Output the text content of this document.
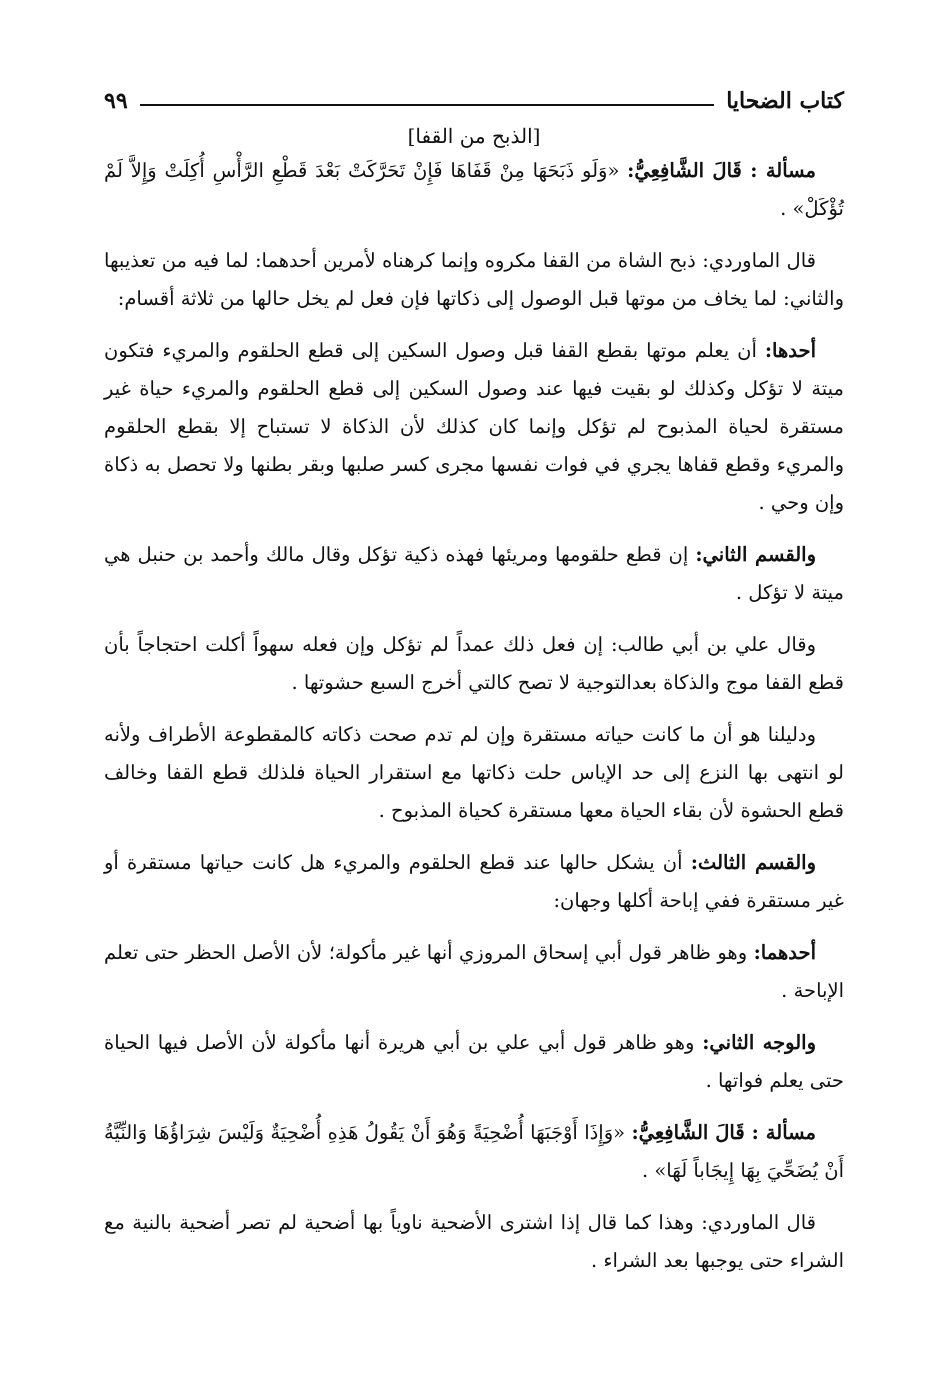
كتاب الضحايا
٩٩
[الذبح من القفا]

مسألة : قَالَ الشَّافِعِيُّ: «وَلَو ذَبَحَهَا مِنْ قَفَاهَا فَإِنْ تَحَرَّكَتْ بَعْدَ قَطْعِ الرَّأْسِ أُكِلَتْ وَإِلاَّ لَمْ تُؤْكَلْ» .

قال الماوردي: ذبح الشاة من القفا مكروه وإنما كرهناه لأمرين أحدهما: لما فيه من تعذيبها والثاني: لما يخاف من موتها قبل الوصول إلى ذكاتها فإن فعل لم يخل حالها من ثلاثة أقسام:

أحدها: أن يعلم موتها بقطع القفا قبل وصول السكين إلى قطع الحلقوم والمريء فتكون ميتة لا تؤكل وكذلك لو بقيت فيها عند وصول السكين إلى قطع الحلقوم والمريء حياة غير مستقرة لحياة المذبوح لم تؤكل وإنما كان كذلك لأن الذكاة لا تستباح إلا بقطع الحلقوم والمريء وقطع قفاها يجري في فوات نفسها مجرى كسر صلبها وبقر بطنها ولا تحصل به ذكاة وإن وحي .

والقسم الثاني: إن قطع حلقومها ومريئها فهذه ذكية تؤكل وقال مالك وأحمد بن حنبل هي ميتة لا تؤكل .

وقال علي بن أبي طالب: إن فعل ذلك عمداً لم تؤكل وإن فعله سهواً أكلت احتجاجاً بأن قطع القفا موج والذكاة بعدالتوجية لا تصح كالتي أخرج السبع حشوتها .

ودليلنا هو أن ما كانت حياته مستقرة وإن لم تدم صحت ذكاته كالمقطوعة الأطراف ولأنه لو انتهى بها النزع إلى حد الإياس حلت ذكاتها مع استقرار الحياة فلذلك قطع القفا وخالف قطع الحشوة لأن بقاء الحياة معها مستقرة كحياة المذبوح .

والقسم الثالث: أن يشكل حالها عند قطع الحلقوم والمريء هل كانت حياتها مستقرة أو غير مستقرة ففي إباحة أكلها وجهان:

أحدهما: وهو ظاهر قول أبي إسحاق المروزي أنها غير مأكولة؛ لأن الأصل الحظر حتى تعلم الإباحة .

والوجه الثاني: وهو ظاهر قول أبي علي بن أبي هريرة أنها مأكولة لأن الأصل فيها الحياة حتى يعلم فواتها .

مسألة : قَالَ الشَّافِعِيُّ: «وَإِذَا أَوْجَبَهَا أُضْحِيَةً وَهُوَ أَنْ يَقُولُ هَذِهِ أُضْحِيَةٌ وَلَيْسَ شِرَاؤُهَا وَالنِّيَّةُ أَنْ يُضَحِّيَ بِهَا إِيجَاباً لَهَا» .

قال الماوردي: وهذا كما قال إذا اشترى الأضحية ناوياً بها أضحية لم تصر أضحية بالنية مع الشراء حتى يوجبها بعد الشراء .
